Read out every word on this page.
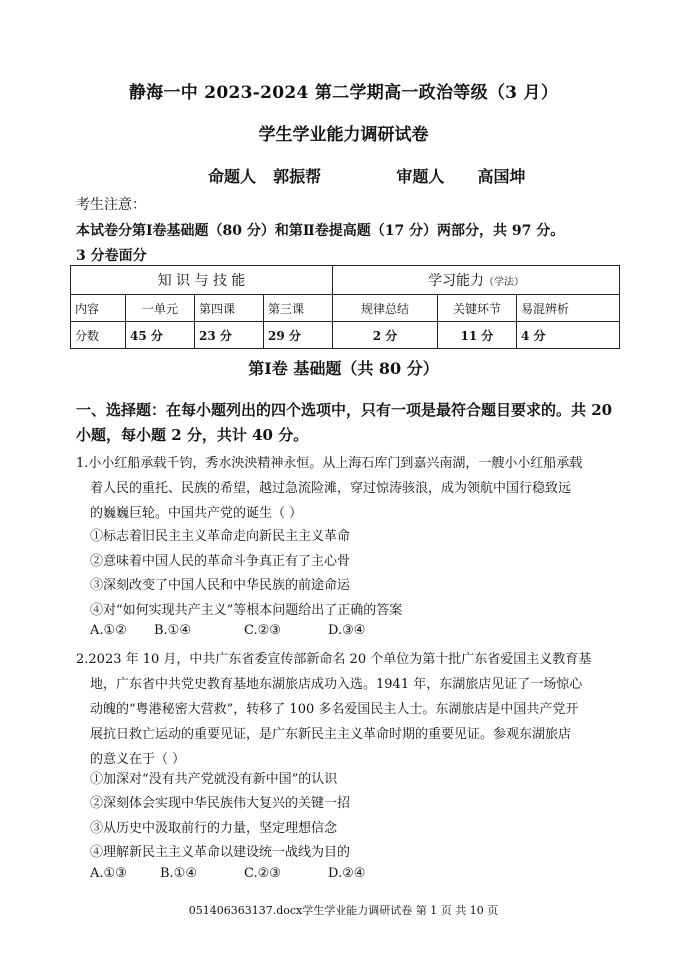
静海一中 2023-2024 第二学期高一政治等级（3 月）
学生学业能力调研试卷
命题人 郭振帮	审题人 高国坤
考生注意：
本试卷分第Ⅰ卷基础题（80 分）和第Ⅱ卷提高题（17 分）两部分，共 97 分。
3 分卷面分
知 识 与 技 能				学习能力（学法）		
内容	一单元	第四课	第三课	规律总结	关键环节	易混辨析
分数	45 分	23 分	29 分	2 分	11 分	4 分
第Ⅰ卷 基础题（共 80 分）
一、选择题：在每小题列出的四个选项中，只有一项是最符合题目要求的。共 20 小题，每小题 2 分，共计 40 分。
1.小小红船承载千钧，秀水泱泱精神永恒。从上海石库门到嘉兴南湖，一艘小小红船承载
着人民的重托、民族的希望，越过急流险滩，穿过惊涛骇浪，成为领航中国行稳致远
的巍巍巨轮。中国共产党的诞生（ ）
①标志着旧民主主义革命走向新民主主义革命
②意味着中国人民的革命斗争真正有了主心骨
③深刻改变了中国人民和中华民族的前途命运
④对“如何实现共产主义”等根本问题给出了正确的答案
A.①② B.①④	C.②③	D.③④
2.2023 年 10 月，中共广东省委宣传部新命名 20 个单位为第十批广东省爱国主义教育基
地，广东省中共党史教育基地东湖旅店成功入选。1941 年，东湖旅店见证了一场惊心
动魄的“粤港秘密大营救”，转移了 100 多名爱国民主人士。东湖旅店是中国共产党开
展抗日救亡运动的重要见证，是广东新民主主义革命时期的重要见证。参观东湖旅店
的意义在于（ ）
①加深对“没有共产党就没有新中国”的认识
②深刻体会实现中华民族伟大复兴的关键一招
③从历史中汲取前行的力量，坚定理想信念
④理解新民主主义革命以建设统一战线为目的
A.①③	B.①④	C.②③	D.②④
051406363137.docx学生学业能力调研试卷 第 1 页 共 10 页
